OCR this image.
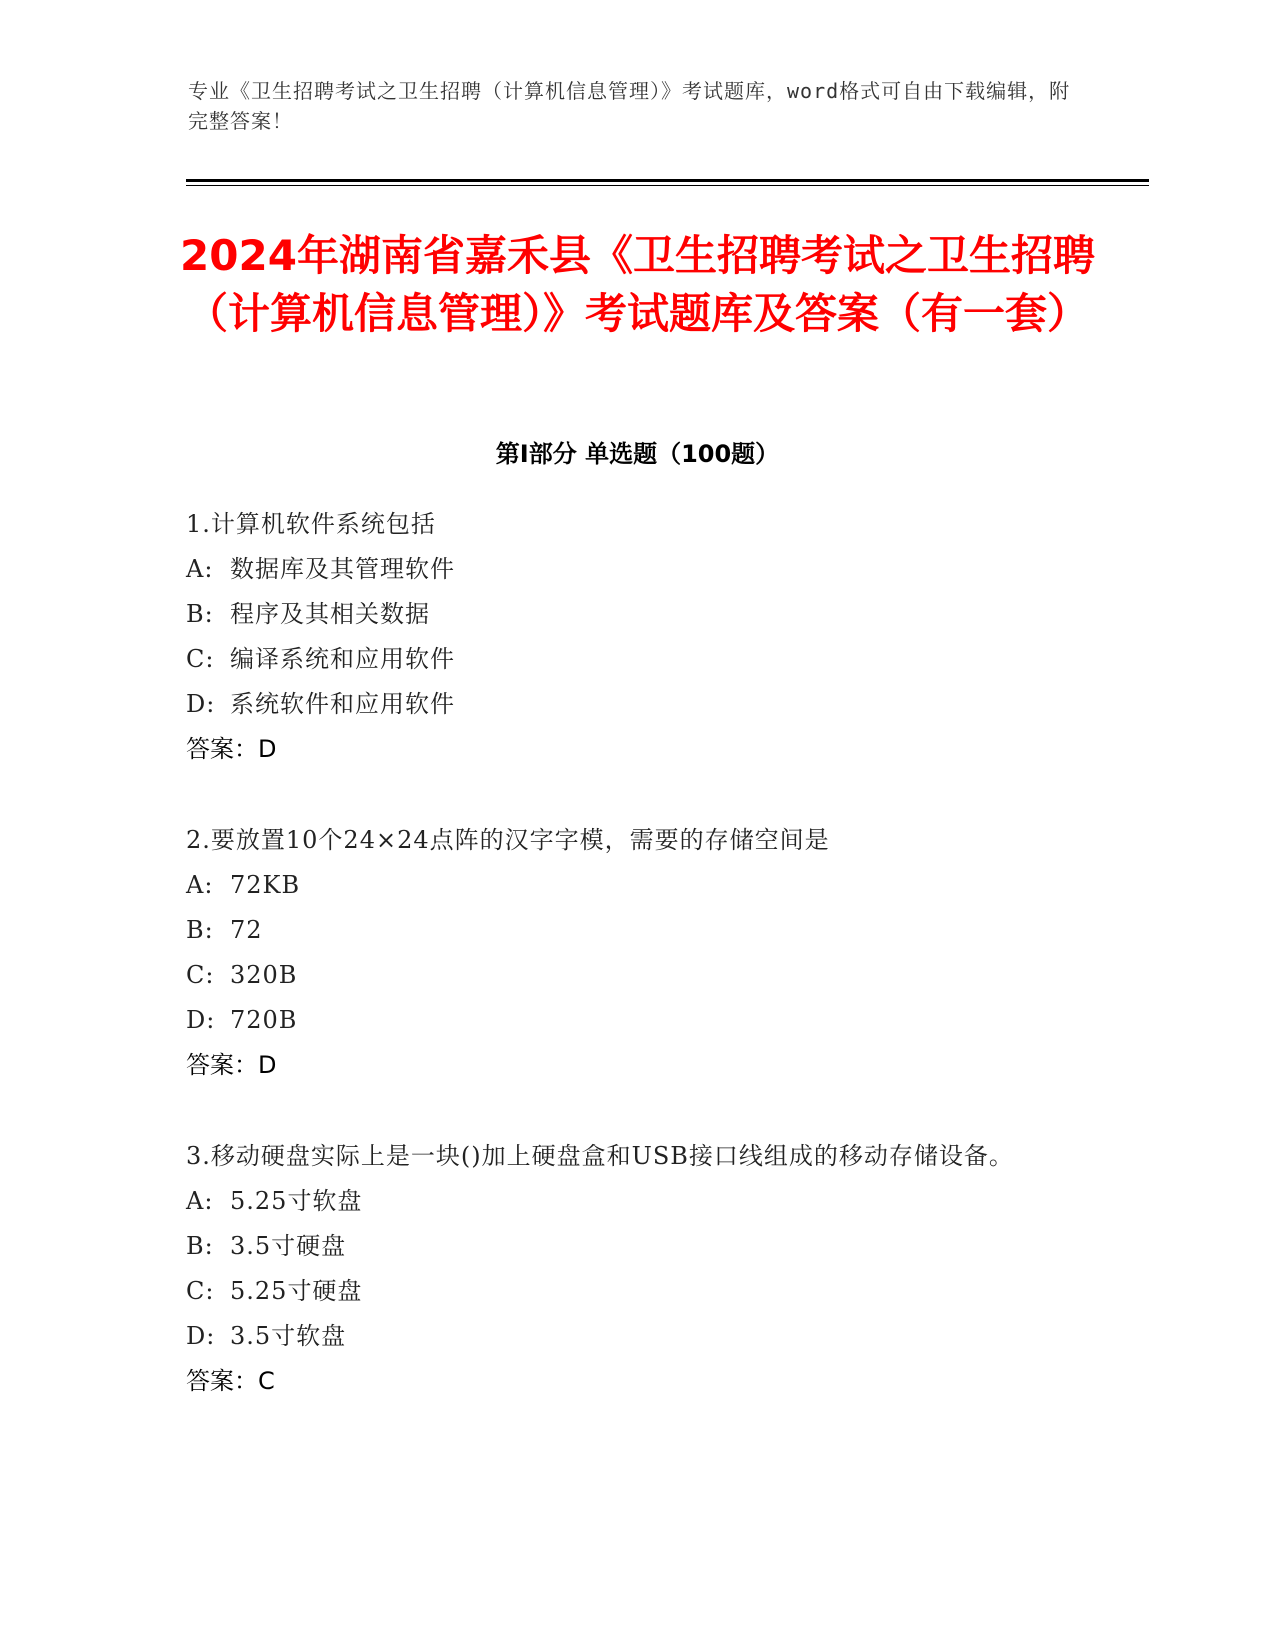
专业《卫生招聘考试之卫生招聘（计算机信息管理）》考试题库，word格式可自由下载编辑，附完整答案！
2024年湖南省嘉禾县《卫生招聘考试之卫生招聘（计算机信息管理）》考试题库及答案（有一套）
第Ⅰ部分 单选题（100题）
1.计算机软件系统包括
A: 数据库及其管理软件
B: 程序及其相关数据
C: 编译系统和应用软件
D: 系统软件和应用软件
答案：D
2.要放置10个24×24点阵的汉字字模，需要的存储空间是
A: 72KB
B: 72
C: 320B
D: 720B
答案：D
3.移动硬盘实际上是一块()加上硬盘盒和USB接口线组成的移动存储设备。
A: 5.25寸软盘
B: 3.5寸硬盘
C: 5.25寸硬盘
D: 3.5寸软盘
答案：C
